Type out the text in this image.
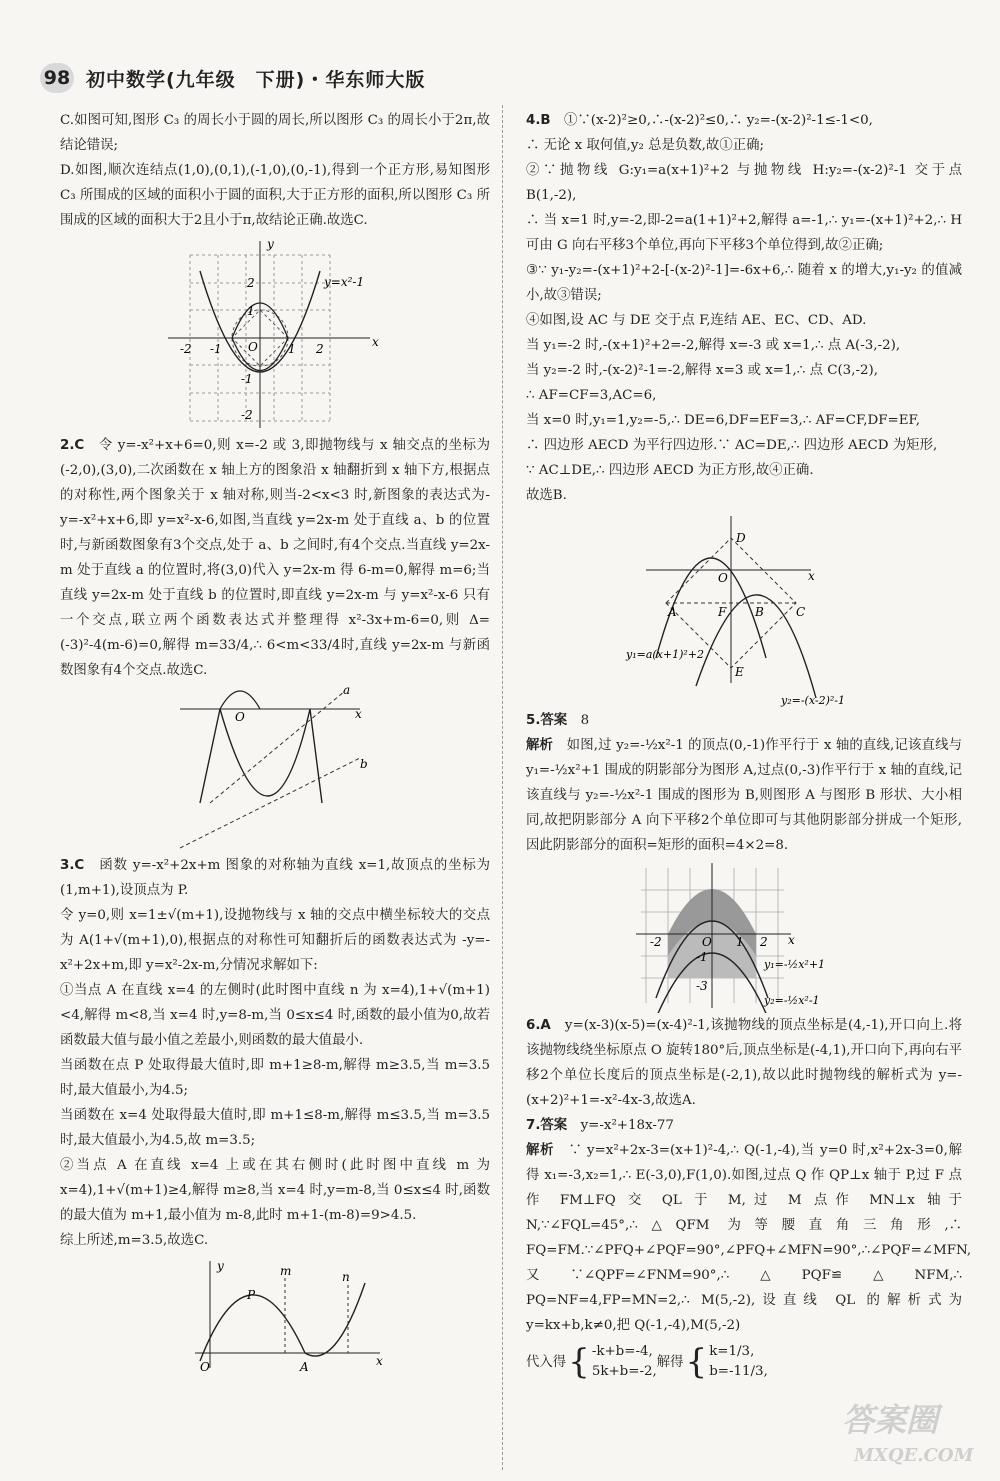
98 初中数学(九年级　下册)・华东师大版

C.如图可知,图形 C₃ 的周长小于圆的周长,所以图形 C₃ 的周长小于2π,故结论错误;

D.如图,顺次连结点(1,0),(0,1),(-1,0),(0,-1),得到一个正方形,易知图形 C₃ 所围成的区域的面积小于圆的面积,大于正方形的面积,所以图形 C₃ 所围成的区域的面积大于2且小于π,故结论正确.故选C.

y
x
O
y=x²-1
-2 -1	1 2
2
1
-1
-2

2.C　 令 y=-x²+x+6=0,则 x=-2 或 3,即抛物线与 x 轴交点的坐标为(-2,0),(3,0),二次函数在 x 轴上方的图象沿 x 轴翻折到 x 轴下方,根据点的对称性,两个图象关于 x 轴对称,则当-2<x<3 时,新图象的表达式为-y=-x²+x+6,即 y=x²-x-6,如图,当直线 y=2x-m 处于直线 a、b 的位置时,与新函数图象有3个交点,处于 a、b 之间时,有4个交点.当直线 y=2x-m 处于直线 a 的位置时,将(3,0)代入 y=2x-m 得 6-m=0,解得 m=6;当直线 y=2x-m 处于直线 b 的位置时,即直线 y=2x-m 与 y=x²-x-6 只有一个交点,联立两个函数表达式并整理得 x²-3x+m-6=0,则 Δ=(-3)²-4(m-6)=0,解得 m=33/4,∴ 6<m<33/4时,直线 y=2x-m 与新函数图象有4个交点.故选C.

x
O
a
b

3.C　 函数 y=-x²+2x+m 图象的对称轴为直线 x=1,故顶点的坐标为(1,m+1),设顶点为 P.

令 y=0,则 x=1±√(m+1),设抛物线与 x 轴的交点中横坐标较大的交点为 A(1+√(m+1),0),根据点的对称性可知翻折后的函数表达式为 -y=-x²+2x+m,即 y=x²-2x-m,分情况求解如下:

①当点 A 在直线 x=4 的左侧时(此时图中直线 n 为 x=4),1+√(m+1)<4,解得 m<8,当 x=4 时,y=8-m,当 0≤x≤4 时,函数的最小值为0,故若函数最大值与最小值之差最小,则函数的最大值最小.

当函数在点 P 处取得最大值时,即 m+1≥8-m,解得 m≥3.5,当 m=3.5时,最大值最小,为4.5;

当函数在 x=4 处取得最大值时,即 m+1≤8-m,解得 m≤3.5,当 m=3.5时,最大值最小,为4.5,故 m=3.5;

②当点 A 在直线 x=4 上或在其右侧时(此时图中直线 m 为 x=4),1+√(m+1)≥4,解得 m≥8,当 x=4 时,y=m-8,当 0≤x≤4 时,函数的最大值为 m+1,最小值为 m-8,此时 m+1-(m-8)=9>4.5.

综上所述,m=3.5,故选C.

y
x
O
P
m	n
A

4.B　 ①∵(x-2)²≥0,∴-(x-2)²≤0,∴ y₂=-(x-2)²-1≤-1<0,

∴ 无论 x 取何值,y₂ 总是负数,故①正确;

②∵抛物线 G:y₁=a(x+1)²+2 与抛物线 H:y₂=-(x-2)²-1 交于点 B(1,-2),

∴ 当 x=1 时,y=-2,即-2=a(1+1)²+2,解得 a=-1,∴ y₁=-(x+1)²+2,∴ H 可由 G 向右平移3个单位,再向下平移3个单位得到,故②正确;

③∵ y₁-y₂=-(x+1)²+2-[-(x-2)²-1]=-6x+6,∴ 随着 x 的增大,y₁-y₂ 的值减小,故③错误;

④如图,设 AC 与 DE 交于点 F,连结 AE、EC、CD、AD.

当 y₁=-2 时,-(x+1)²+2=-2,解得 x=-3 或 x=1,∴ 点 A(-3,-2),

当 y₂=-2 时,-(x-2)²-1=-2,解得 x=3 或 x=1,∴ 点 C(3,-2),

∴ AF=CF=3,AC=6,

当 x=0 时,y₁=1,y₂=-5,∴ DE=6,DF=EF=3,∴ AF=CF,DF=EF,

∴ 四边形 AECD 为平行四边形.∵ AC=DE,∴ 四边形 AECD 为矩形,

∵ AC⊥DE,∴ 四边形 AECD 为正方形,故④正确.

故选B.

D
O
A	F B	C
E
x
y₁=a(x+1)²+2
y₂=-(x-2)²-1

5.答案　 8

解析　 如图,过 y₂=-½x²-1 的顶点(0,-1)作平行于 x 轴的直线,记该直线与 y₁=-½x²+1 围成的阴影部分为图形 A,过点(0,-3)作平行于 x 轴的直线,记该直线与 y₂=-½x²-1 围成的图形为 B,则图形 A 与图形 B 形状、大小相同,故把阴影部分 A 向下平移2个单位即可与其他阴影部分拼成一个矩形,因此阴影部分的面积=矩形的面积=4×2=8.

x
O
-2	1 2
-1
-3
y₁=-½x²+1
y₂=-½x²-1

6.A　 y=(x-3)(x-5)=(x-4)²-1,该抛物线的顶点坐标是(4,-1),开口向上.将该抛物线绕坐标原点 O 旋转180°后,顶点坐标是(-4,1),开口向下,再向右平移2个单位长度后的顶点坐标是(-2,1),故以此时抛物线的解析式为 y=-(x+2)²+1=-x²-4x-3,故选A.

7.答案　 y=-x²+18x-77

解析　 ∵ y=x²+2x-3=(x+1)²-4,∴ Q(-1,-4),当 y=0 时,x²+2x-3=0,解得 x₁=-3,x₂=1,∴ E(-3,0),F(1,0).如图,过点 Q 作 QP⊥x 轴于 P,过 F 点作 FM⊥FQ 交 QL 于 M,过 M 点作 MN⊥x 轴于 N,∵∠FQL=45°,∴△QFM 为等腰直角三角形,∴ FQ=FM.∵∠PFQ+∠PQF=90°,∠PFQ+∠MFN=90°,∴∠PQF=∠MFN,又∵∠QPF=∠FNM=90°,∴△PQF≌△NFM,∴ PQ=NF=4,FP=MN=2,∴ M(5,-2),设直线 QL 的解析式为 y=kx+b,k≠0,把 Q(-1,-4),M(5,-2)

代入得 { -k+b=-4,
5k+b=-2,
解得 { k=1/3,
b=-11/3,
答案圈
MXQE.COM
